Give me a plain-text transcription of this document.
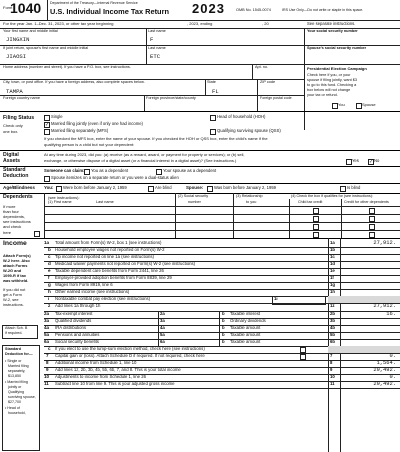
Form
1040 Department of the Treasury—Internal Revenue Service
U.S. Individual Income Tax Return 2023	OMB No. 1545-0074	IRS Use Only—Do not write or staple in this space.
For the year Jan. 1–Dec. 31, 2023, or other tax year beginning	, 2023, ending	, 20	See separate instructions.
Your first name and middle initial	Last name	Your social security number
JINGXIN	F
If joint return, spouse's first name and middle initial	Last name	Spouse's social security number
JIAOSI	ETC
Home address (number and street). If you have a P.O. box, see instructions.	Apt. no.
City, town, or post office. If you have a foreign address, also complete spaces below.	State	ZIP code
TAMPA	FL
Foreign country name	Foreign province/state/county	Foreign postal code
Presidential Election Campaign
Check here if you, or your
spouse if filing jointly, want $3
to go to this fund. Checking a
box below will not change
your tax or refund.
You	Spouse
Filing Status
Check only
one box.
Single
✓
Married filing jointly (even if only one had income)
Married filing separately (MFS)
Head of household (HOH)
Qualifying surviving spouse (QSS)
If you checked the MFS box, enter the name of your spouse. If you checked the HOH or QSS box, enter the child's name if the
qualifying person is a child but not your dependent:
Digital
Assets
At any time during 2023, did you: (a) receive (as a reward, award, or payment for property or services); or (b) sell,
exchange, or otherwise dispose of a digital asset (or a financial interest in a digital asset)? (See instructions.)	Yes
✓	No
Standard
Deduction
Someone can claim: You as a dependent	Your spouse as a dependent
Spouse itemizes on a separate return or you were a dual-status alien
Age/Blindness You: Were born before January 2, 1959	Are blind	Spouse:	Was born before January 2, 1959	Is blind
Dependents	(see instructions):
If more
than four
dependents,
see instructions
and check
here
(1) First name	Last name
(2) Social security
number
(3) Relationship
to you
(4) Check the box if qualifies for (see instructions):
Child tax credit	Credit for other dependents
Income
Attach Form(s)
W-2 here. Also
attach Forms
W-2G and
1099-R if tax
was withheld.
If you did not
get a Form
W-2, see
instructions.
Attach Sch. B
if required.
Standard
Deduction for—
• Single or
Married filing
separately,
$13,850
• Married filing
jointly or
Qualifying
surviving spouse,
$27,700
• Head of
household,
1a Total amount from Form(s) W-2, box 1 (see instructions)	1a	27,912.
b Household employee wages not reported on Form(s) W-2	1b
c Tip income not reported on line 1a (see instructions)	1c
d Medicaid waiver payments not reported on Form(s) W-2 (see instructions)	1d
e Taxable dependent care benefits from Form 2441, line 26	1e
f Employer-provided adoption benefits from Form 8839, line 29	1f
g Wages from Form 8919, line 6	1g
h Other earned income (see instructions)	1h
i Nontaxable combat pay election (see instructions)	1i
z Add lines 1a through 1h	1z	27,912.
2a Tax-exempt interest	2a	b Taxable interest	2b	16.
3a Qualified dividends	3a	b Ordinary dividends	3b
4a IRA distributions	4a	b Taxable amount	4b
5a Pensions and annuities	5a	b Taxable amount	5b
6a Social security benefits	6a	b Taxable amount	6b
c If you elect to use the lump-sum election method, check here (see instructions)
7 Capital gain or (loss). Attach Schedule D if required. If not required, check here	7	0.
8 Additional income from Schedule 1, line 10	8	1,564.
9 Add lines 1z, 2b, 3b, 4b, 5b, 6b, 7, and 8. This is your total income	9	29,492.
10 Adjustments to income from Schedule 1, line 26	10	0.
11 Subtract line 10 from line 9. This is your adjusted gross income	11	29,492.
